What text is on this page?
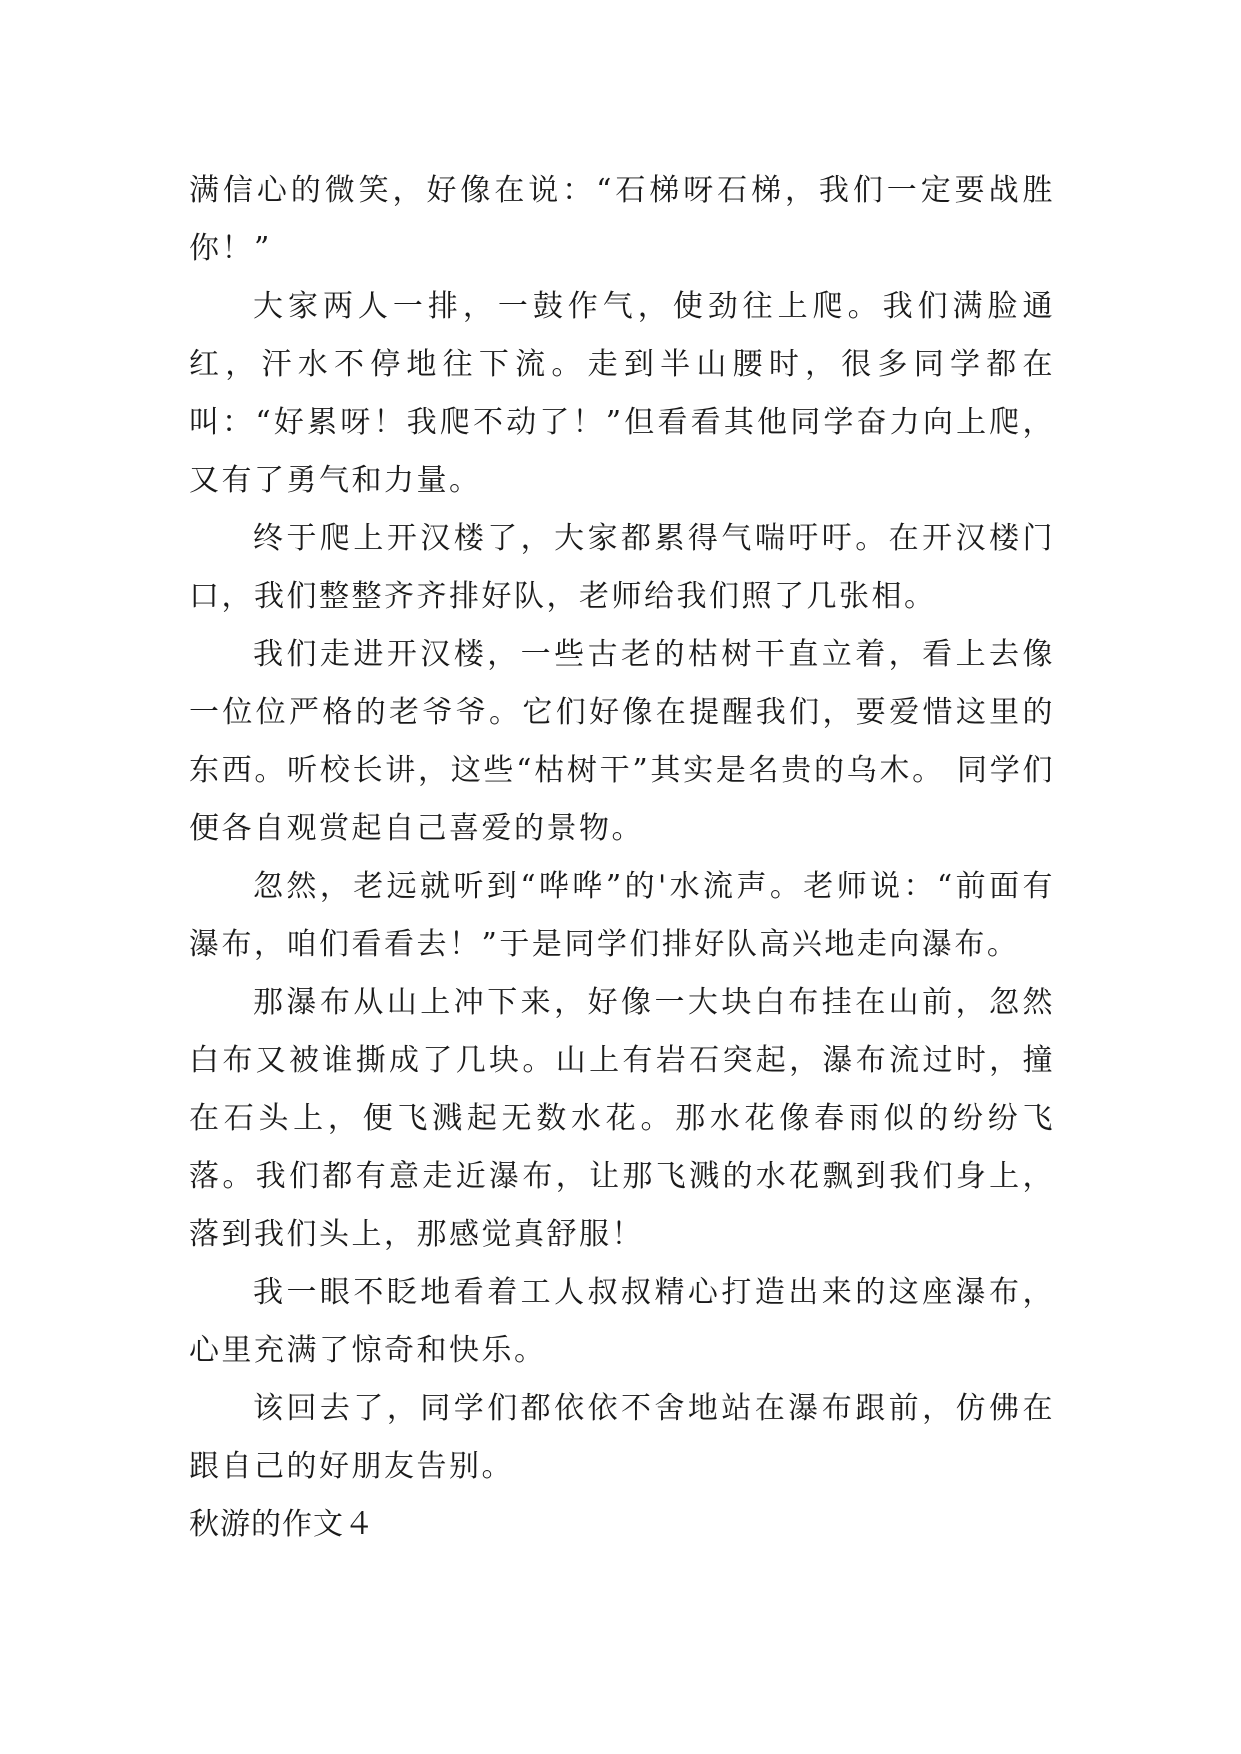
满信心的微笑，好像在说：“石梯呀石梯，我们一定要战胜你！”

大家两人一排，一鼓作气，使劲往上爬。我们满脸通红，汗水不停地往下流。走到半山腰时，很多同学都在叫：“好累呀！我爬不动了！”但看看其他同学奋力向上爬，又有了勇气和力量。

终于爬上开汉楼了，大家都累得气喘吁吁。在开汉楼门口，我们整整齐齐排好队，老师给我们照了几张相。

我们走进开汉楼，一些古老的枯树干直立着，看上去像一位位严格的老爷爷。它们好像在提醒我们，要爱惜这里的东西。听校长讲，这些“枯树干”其实是名贵的乌木。 同学们便各自观赏起自己喜爱的景物。

忽然，老远就听到“哗哗”的'水流声。老师说：“前面有瀑布，咱们看看去！”于是同学们排好队高兴地走向瀑布。

那瀑布从山上冲下来，好像一大块白布挂在山前，忽然白布又被谁撕成了几块。山上有岩石突起，瀑布流过时，撞在石头上，便飞溅起无数水花。那水花像春雨似的纷纷飞落。我们都有意走近瀑布，让那飞溅的水花飘到我们身上，落到我们头上，那感觉真舒服！

我一眼不眨地看着工人叔叔精心打造出来的这座瀑布，心里充满了惊奇和快乐。

该回去了，同学们都依依不舍地站在瀑布跟前，仿佛在跟自己的好朋友告别。

秋游的作文４
